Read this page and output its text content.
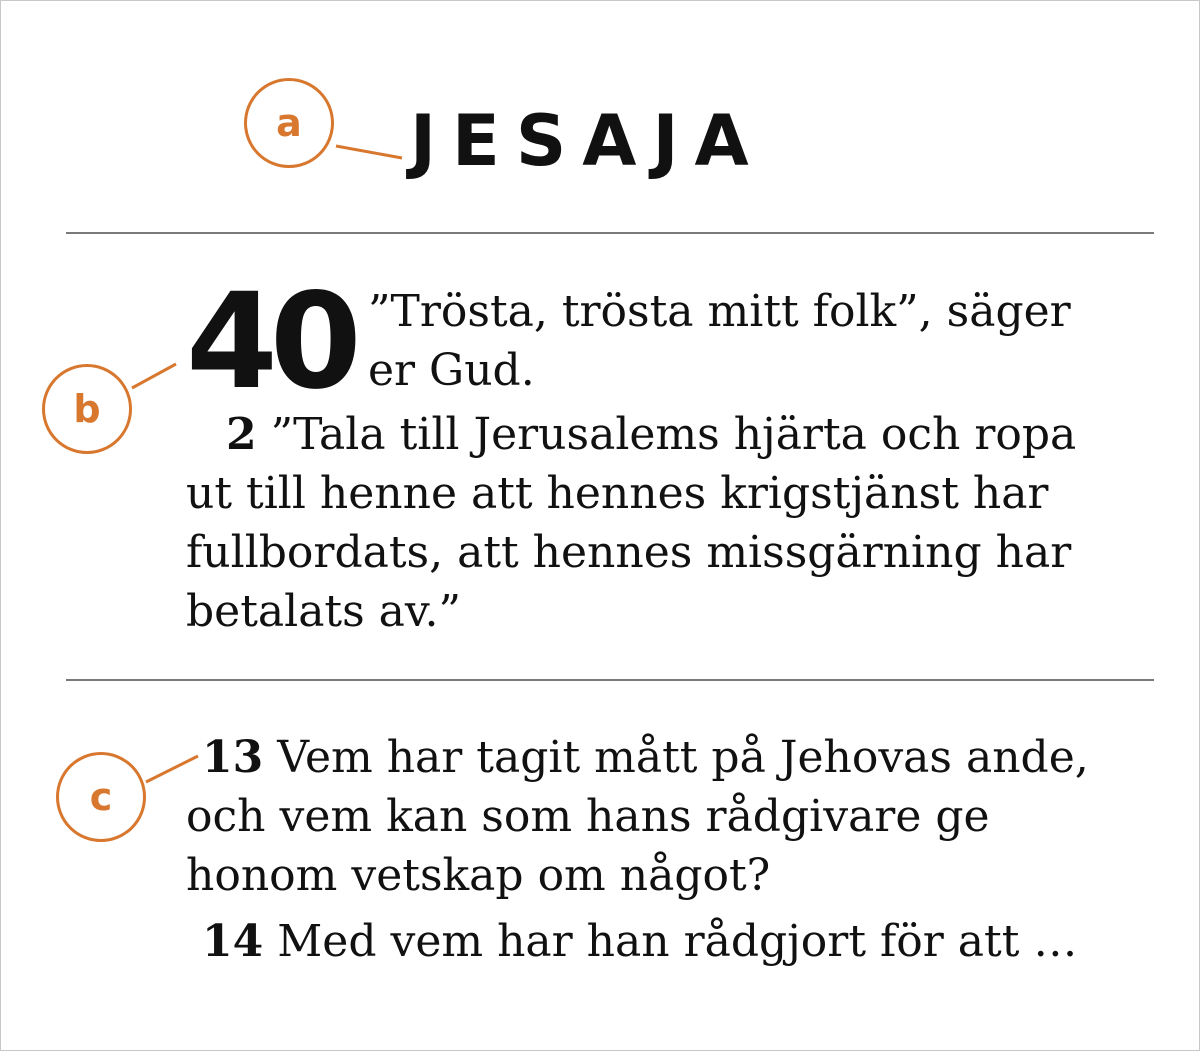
a JESAJA
b 40 ”Trösta, trösta mitt folk”, säger
er Gud.
2 ”Tala till Jerusalems hjärta och ropa
ut till henne att hennes krigstjänst har
fullbordats, att hennes missgärning har
betalats av.”
c
13 Vem har tagit mått på Jehovas ande,
och vem kan som hans rådgivare ge
honom vetskap om något?
14 Med vem har han rådgjort för att …
